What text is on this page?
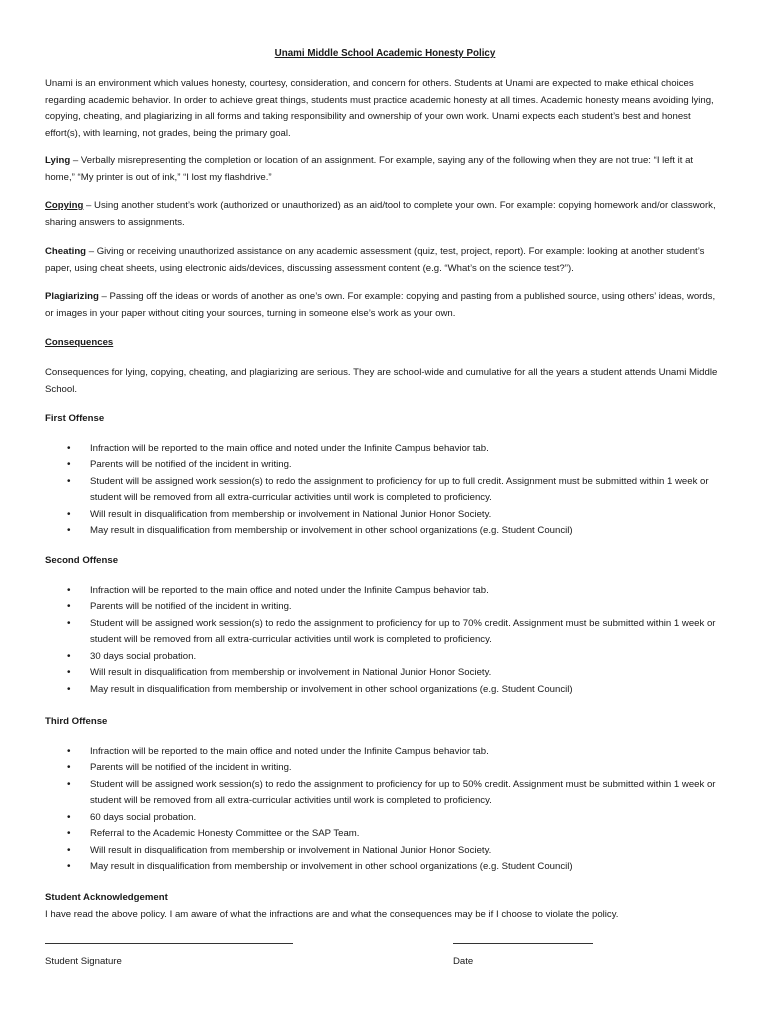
Unami Middle School Academic Honesty Policy

Unami is an environment which values honesty, courtesy, consideration, and concern for others. Students at Unami are expected to make ethical choices regarding academic behavior. In order to achieve great things, students must practice academic honesty at all times. Academic honesty means avoiding lying, copying, cheating, and plagiarizing in all forms and taking responsibility and ownership of your own work. Unami expects each student’s best and honest effort(s), with learning, not grades, being the primary goal.

Lying – Verbally misrepresenting the completion or location of an assignment. For example, saying any of the following when they are not true: “I left it at home,” “My printer is out of ink,” “I lost my flashdrive.”

Copying – Using another student’s work (authorized or unauthorized) as an aid/tool to complete your own. For example: copying homework and/or classwork, sharing answers to assignments.

Cheating – Giving or receiving unauthorized assistance on any academic assessment (quiz, test, project, report). For example: looking at another student’s paper, using cheat sheets, using electronic aids/devices, discussing assessment content (e.g. “What’s on the science test?”).

Plagiarizing – Passing off the ideas or words of another as one’s own. For example: copying and pasting from a published source, using others’ ideas, words, or images in your paper without citing your sources, turning in someone else’s work as your own.

Consequences

Consequences for lying, copying, cheating, and plagiarizing are serious. They are school-wide and cumulative for all the years a student attends Unami Middle School.

First Offense

• Infraction will be reported to the main office and noted under the Infinite Campus behavior tab.
• Parents will be notified of the incident in writing.
• Student will be assigned work session(s) to redo the assignment to proficiency for up to full credit. Assignment must be submitted within 1 week or student will be removed from all extra-curricular activities until work is completed to proficiency.
• Will result in disqualification from membership or involvement in National Junior Honor Society.
• May result in disqualification from membership or involvement in other school organizations (e.g. Student Council)

Second Offense

• Infraction will be reported to the main office and noted under the Infinite Campus behavior tab.
• Parents will be notified of the incident in writing.
• Student will be assigned work session(s) to redo the assignment to proficiency for up to 70% credit. Assignment must be submitted within 1 week or student will be removed from all extra-curricular activities until work is completed to proficiency.
• 30 days social probation.
• Will result in disqualification from membership or involvement in National Junior Honor Society.
• May result in disqualification from membership or involvement in other school organizations (e.g. Student Council)

Third Offense

• Infraction will be reported to the main office and noted under the Infinite Campus behavior tab.
• Parents will be notified of the incident in writing.
• Student will be assigned work session(s) to redo the assignment to proficiency for up to 50% credit. Assignment must be submitted within 1 week or student will be removed from all extra-curricular activities until work is completed to proficiency.
• 60 days social probation.
• Referral to the Academic Honesty Committee or the SAP Team.
• Will result in disqualification from membership or involvement in National Junior Honor Society.
• May result in disqualification from membership or involvement in other school organizations (e.g. Student Council)

Student Acknowledgement

I have read the above policy. I am aware of what the infractions are and what the consequences may be if I choose to violate the policy.

Student Signature	Date
